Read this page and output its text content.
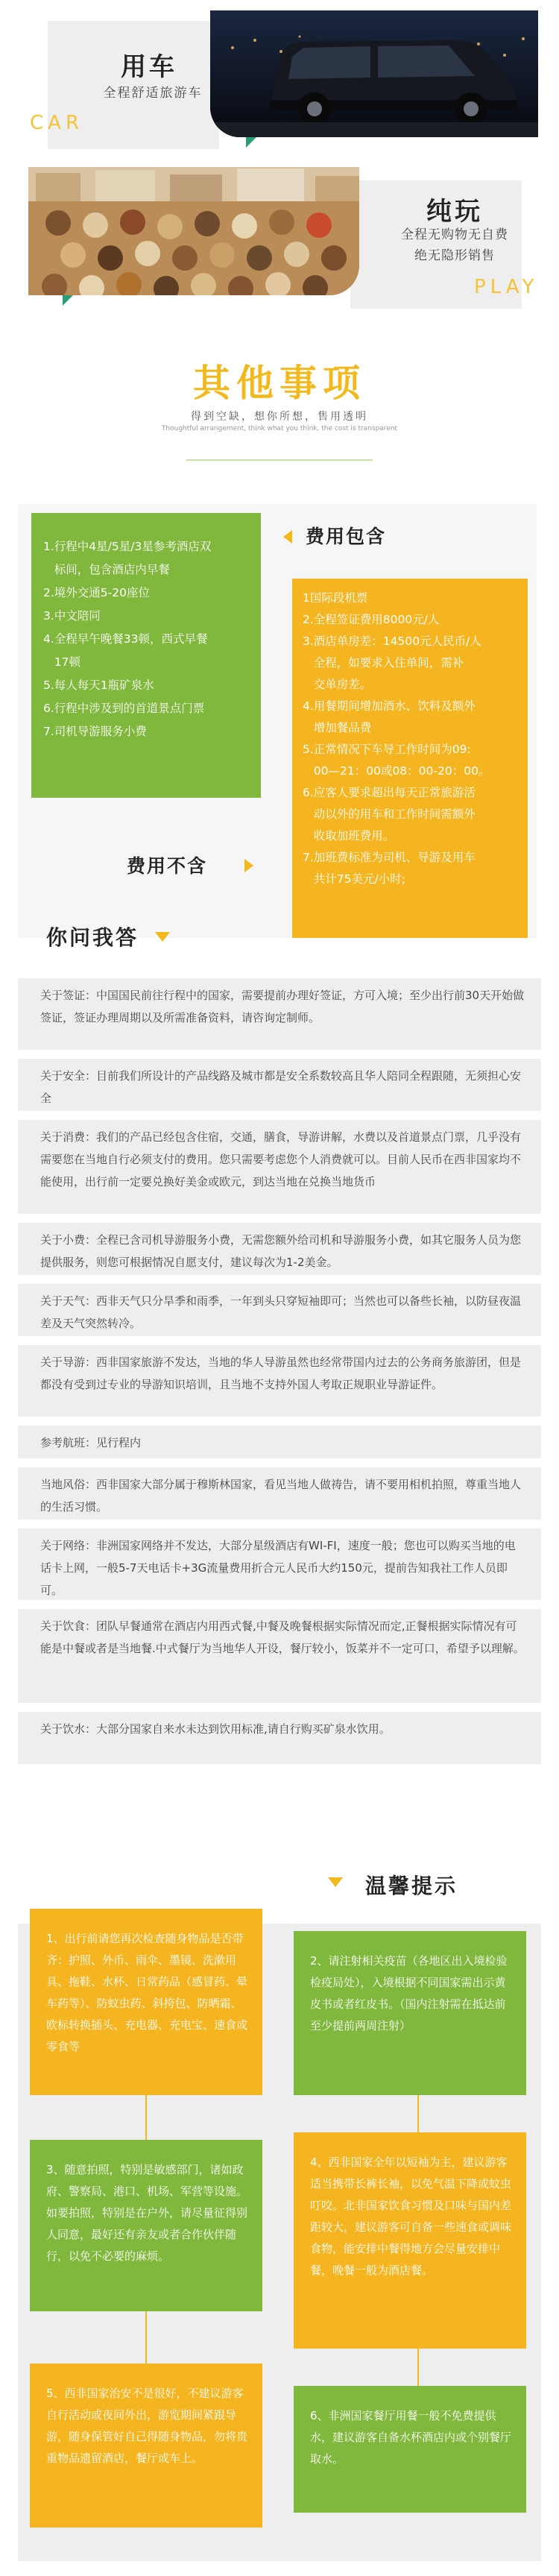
用车
全程舒适旅游车
CAR
纯玩
全程无购物无自费
绝无隐形销售
PLAY
其他事项
得到空缺，想你所想，售用透明
Thoughtful arrangement, think what you think, the cost is transparent
1.行程中4星/5星/3星参考酒店双
标间，包含酒店内早餐
2.境外交通5-20座位
3.中文陪同
4.全程早午晚餐33顿，西式早餐
17顿
5.每人每天1瓶矿泉水
6.行程中涉及到的首道景点门票
7.司机导游服务小费
费用包含
1国际段机票
2.全程签证费用8000元/人
3.酒店单房差：14500元人民币/人
全程，如要求入住单间，需补
交单房差。
4.用餐期间增加酒水、饮料及额外
增加餐品费
5.正常情况下车导工作时间为09:
00—21：00或08：00-20：00。
6.应客人要求超出每天正常旅游活
动以外的用车和工作时间需额外
收取加班费用。
7.加班费标准为司机、导游及用车
共计75美元/小时;
费用不含
你问我答
关于签证：中国国民前往行程中的国家，需要提前办理好签证，方可入境；至少出行前30天开始做签证，签证办理周期以及所需准备资料，请咨询定制师。
关于安全：目前我们所设计的产品线路及城市都是安全系数较高且华人陪同全程跟随，无须担心安全
关于消费：我们的产品已经包含住宿，交通，膳食，导游讲解，水费以及首道景点门票，几乎没有需要您在当地自行必须支付的费用。您只需要考虑您个人消费就可以。目前人民币在西非国家均不能使用，出行前一定要兑换好美金或欧元，到达当地在兑换当地货币
关于小费：全程已含司机导游服务小费，无需您额外给司机和导游服务小费，如其它服务人员为您提供服务，则您可根据情况自愿支付，建议每次为1-2美金。
关于天气：西非天气只分旱季和雨季，一年到头只穿短袖即可；当然也可以备些长袖，以防昼夜温差及天气突然转冷。
关于导游：西非国家旅游不发达，当地的华人导游虽然也经常带国内过去的公务商务旅游团，但是都没有受到过专业的导游知识培训，且当地不支持外国人考取正规职业导游证件。
参考航班：见行程内
当地风俗：西非国家大部分属于穆斯林国家，看见当地人做祷告，请不要用相机拍照，尊重当地人的生活习惯。
关于网络：非洲国家网络并不发达，大部分星级酒店有WI-FI，速度一般；您也可以购买当地的电话卡上网，一般5-7天电话卡+3G流量费用折合元人民币大约150元，提前告知我社工作人员即可。
关于饮食：团队早餐通常在酒店内用西式餐,中餐及晚餐根据实际情况而定,正餐根据实际情况有可能是中餐或者是当地餐.中式餐厅为当地华人开设，餐厅较小，饭菜并不一定可口，希望予以理解。
关于饮水：大部分国家自来水未达到饮用标准,请自行购买矿泉水饮用。
温馨提示
1、出行前请您再次检查随身物品是否带齐：护照、外币、雨伞、墨镜、洗漱用具、拖鞋、水杯、日常药品（感冒药、晕车药等）、防蚊虫药、斜挎包、防晒霜、欧标转换插头、充电器、充电宝、速食或零食等
2、请注射相关疫苗（各地区出入境检验检疫局处），入境根据不同国家需出示黄皮书或者红皮书。（国内注射需在抵达前至少提前两周注射）
3、随意拍照，特别是敏感部门，诸如政府、警察局、港口、机场、军营等设施。如要拍照，特别是在户外，请尽量征得别人同意，最好还有亲友或者合作伙伴随行，以免不必要的麻烦。
4、西非国家全年以短袖为主，建议游客适当携带长裤长袖，以免气温下降或蚊虫叮咬。北非国家饮食习惯及口味与国内差距较大，建议游客可自备一些速食或调味食物，能安排中餐得地方会尽量安排中餐，晚餐一般为酒店餐。
5、西非国家治安不是很好，不建议游客自行活动或夜间外出，游览期间紧跟导游，随身保管好自己得随身物品，勿将贵重物品遗留酒店，餐厅或车上。
6、非洲国家餐厅用餐一般不免费提供水，建议游客自备水杯酒店内或个别餐厅取水。
